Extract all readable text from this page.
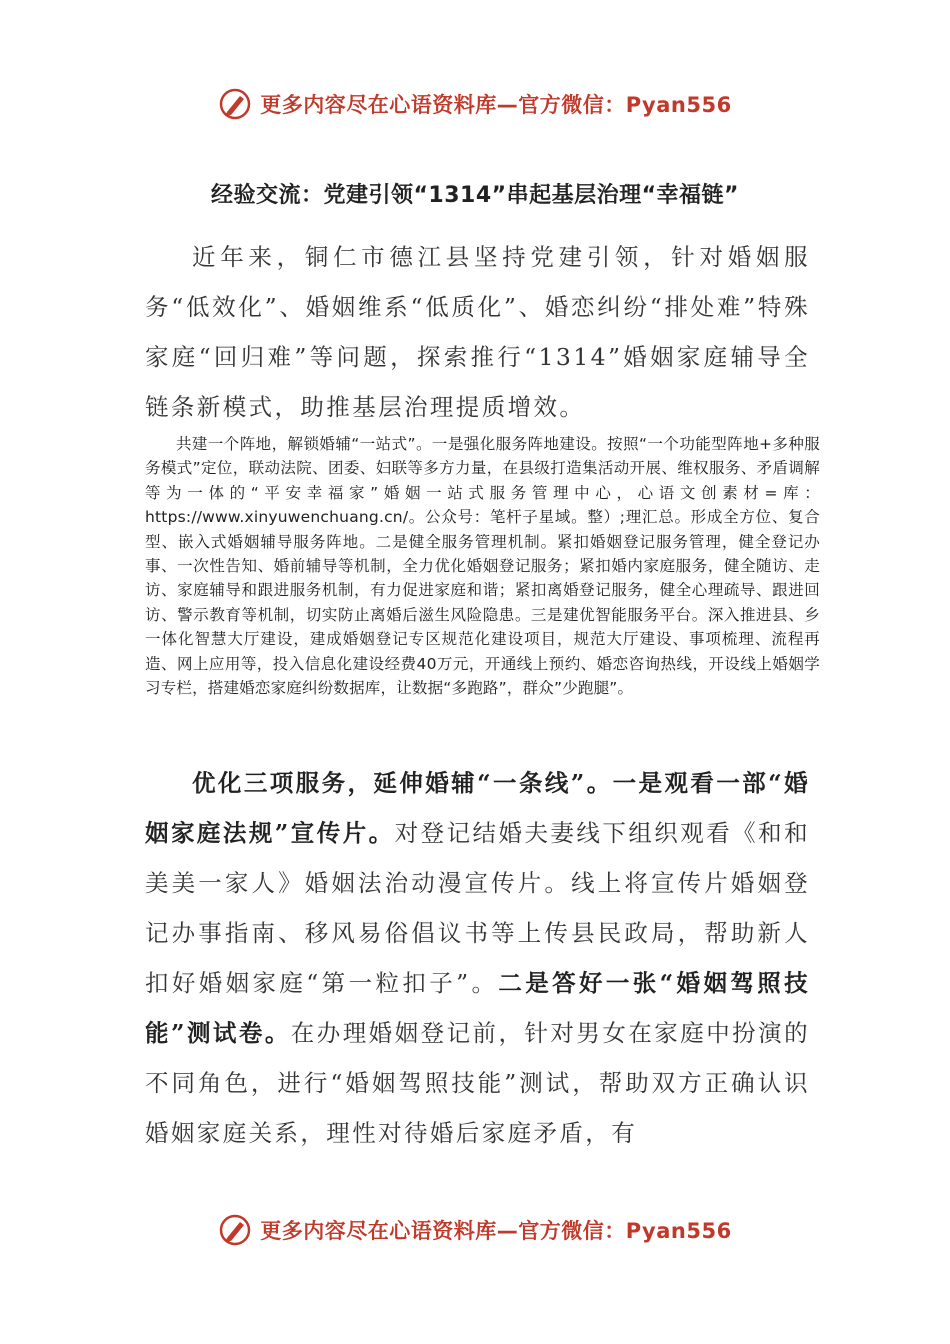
更多内容尽在心语资料库—官方微信：Pyan556
经验交流：党建引领“1314”串起基层治理“幸福链”

近年来，铜仁市德江县坚持党建引领，针对婚姻服务“低效化”、婚姻维系“低质化”、婚恋纠纷“排处难”特殊家庭“回归难”等问题，探索推行“1314”婚姻家庭辅导全链条新模式，助推基层治理提质增效。

共建一个阵地，解锁婚辅“一站式”。一是强化服务阵地建设。按照“一个功能型阵地+多种服务模式”定位，联动法院、团委、妇联等多方力量，在县级打造集活动开展、维权服务、矛盾调解等为一体的“平安幸福家”婚姻一站式服务管理中心，心语文创素材=库：https://www.xinyuwenchuang.cn/。公众号：笔杆子星域。整）;理汇总。形成全方位、复合型、嵌入式婚姻辅导服务阵地。二是健全服务管理机制。紧扣婚姻登记服务管理，健全登记办事、一次性告知、婚前辅导等机制，全力优化婚姻登记服务；紧扣婚内家庭服务，健全随访、走访、家庭辅导和跟进服务机制，有力促进家庭和谐；紧扣离婚登记服务，健全心理疏导、跟进回访、警示教育等机制，切实防止离婚后滋生风险隐患。三是建优智能服务平台。深入推进县、乡一体化智慧大厅建设，建成婚姻登记专区规范化建设项目，规范大厅建设、事项梳理、流程再造、网上应用等，投入信息化建设经费40万元，开通线上预约、婚恋咨询热线，开设线上婚姻学习专栏，搭建婚恋家庭纠纷数据库，让数据“多跑路”，群众”少跑腿”。

优化三项服务，延伸婚辅“一条线”。一是观看一部“婚姻家庭法规”宣传片。对登记结婚夫妻线下组织观看《和和美美一家人》婚姻法治动漫宣传片。线上将宣传片婚姻登记办事指南、移风易俗倡议书等上传县民政局，帮助新人扣好婚姻家庭“第一粒扣子”。二是答好一张“婚姻驾照技能”测试卷。在办理婚姻登记前，针对男女在家庭中扮演的不同角色，进行“婚姻驾照技能”测试，帮助双方正确认识婚姻家庭关系，理性对待婚后家庭矛盾，有

更多内容尽在心语资料库—官方微信：Pyan556
